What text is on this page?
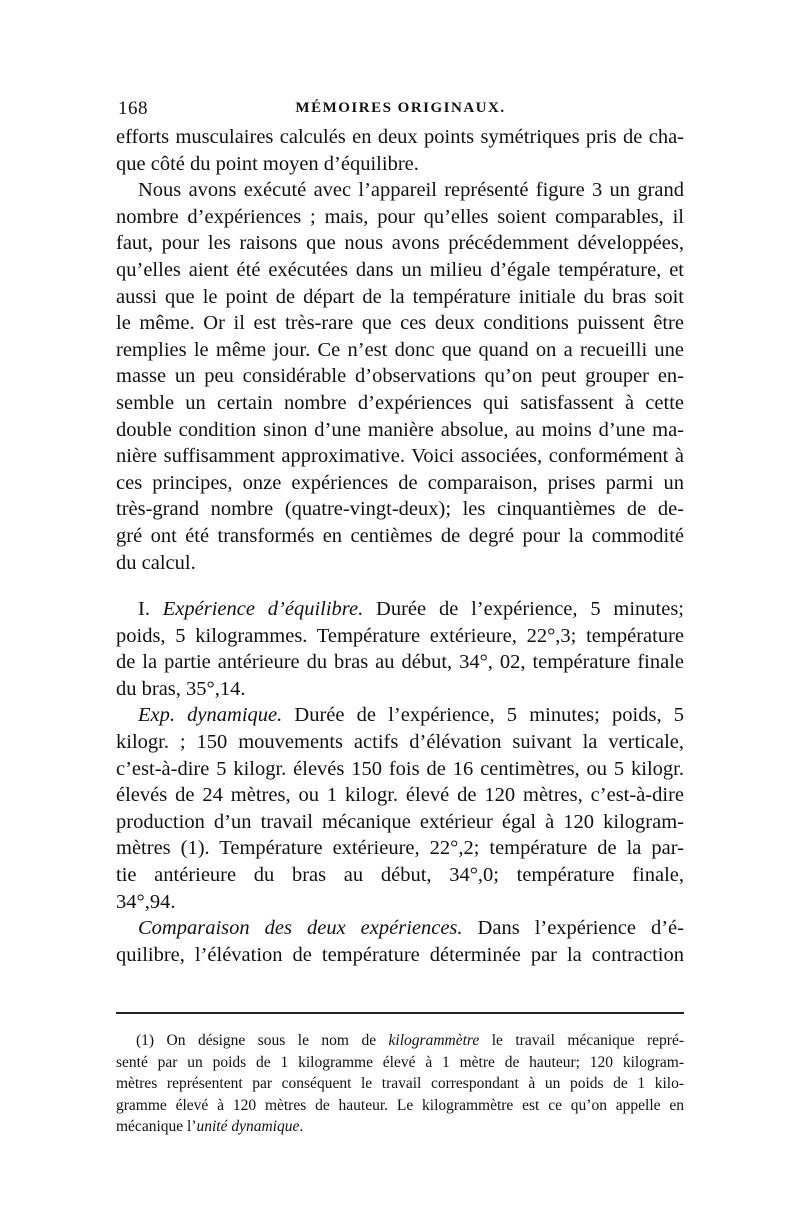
168	MÉMOIRES ORIGINAUX.

efforts musculaires calculés en deux points symétriques pris de cha-
que côté du point moyen d’équilibre.

Nous avons exécuté avec l’appareil représenté figure 3 un grand
nombre d’expériences ; mais, pour qu’elles soient comparables, il
faut, pour les raisons que nous avons précédemment développées,
qu’elles aient été exécutées dans un milieu d’égale température, et
aussi que le point de départ de la température initiale du bras soit
le même. Or il est très-rare que ces deux conditions puissent être
remplies le même jour. Ce n’est donc que quand on a recueilli une
masse un peu considérable d’observations qu’on peut grouper en-
semble un certain nombre d’expériences qui satisfassent à cette
double condition sinon d’une manière absolue, au moins d’une ma-
nière suffisamment approximative. Voici associées, conformément à
ces principes, onze expériences de comparaison, prises parmi un
très-grand nombre (quatre-vingt-deux); les cinquantièmes de de-
gré ont été transformés en centièmes de degré pour la commodité
du calcul.

I. Expérience d’équilibre. Durée de l’expérience, 5 minutes;
poids, 5 kilogrammes. Température extérieure, 22°,3; température
de la partie antérieure du bras au début, 34°, 02, température finale
du bras, 35°,14.

Exp. dynamique. Durée de l’expérience, 5 minutes; poids, 5
kilogr. ; 150 mouvements actifs d’élévation suivant la verticale,
c’est-à-dire 5 kilogr. élevés 150 fois de 16 centimètres, ou 5 kilogr.
élevés de 24 mètres, ou 1 kilogr. élevé de 120 mètres, c’est-à-dire
production d’un travail mécanique extérieur égal à 120 kilogram-
mètres (1). Température extérieure, 22°,2; température de la par-
tie antérieure du bras au début, 34°,0; température finale,
34°,94.

Comparaison des deux expériences. Dans l’expérience d’é-
quilibre, l’élévation de température déterminée par la contraction

(1) On désigne sous le nom de kilogrammètre le travail mécanique repré-
senté par un poids de 1 kilogramme élevé à 1 mètre de hauteur; 120 kilogram-
mètres représentent par conséquent le travail correspondant à un poids de 1 kilo-
gramme élevé à 120 mètres de hauteur. Le kilogrammètre est ce qu’on appelle en
mécanique l’unité dynamique.
